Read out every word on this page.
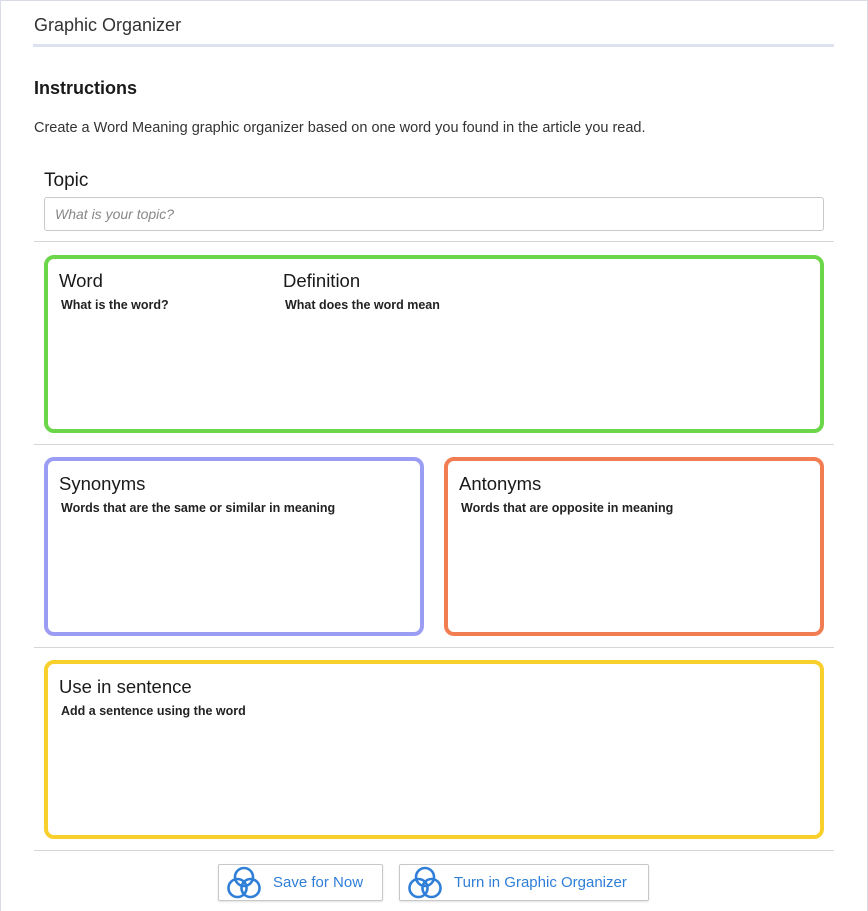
Graphic Organizer
Instructions
Create a Word Meaning graphic organizer based on one word you found in the article you read.
Topic
What is your topic?
Word
What is the word?
Definition
What does the word mean
Synonyms
Words that are the same or similar in meaning
Antonyms
Words that are opposite in meaning
Use in sentence
Add a sentence using the word
Save for Now	Turn in Graphic Organizer
